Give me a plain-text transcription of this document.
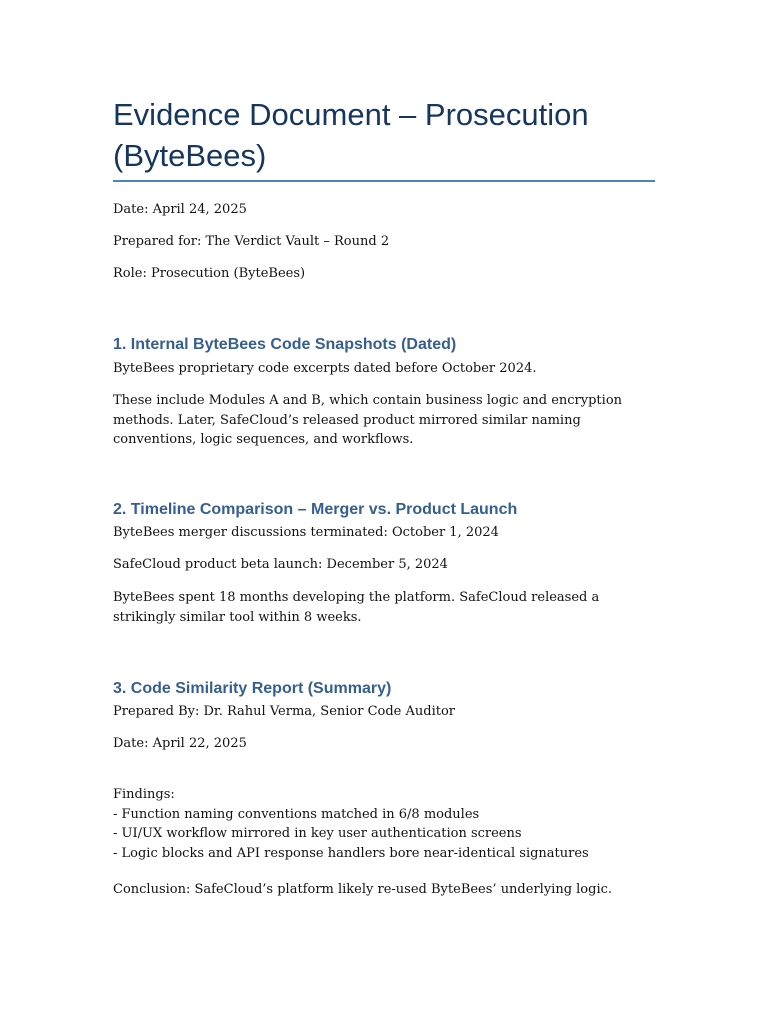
Evidence Document – Prosecution (ByteBees)

Date: April 24, 2025

Prepared for: The Verdict Vault – Round 2

Role: Prosecution (ByteBees)

1. Internal ByteBees Code Snapshots (Dated)

ByteBees proprietary code excerpts dated before October 2024.

These include Modules A and B, which contain business logic and encryption methods. Later, SafeCloud’s released product mirrored similar naming conventions, logic sequences, and workflows.

2. Timeline Comparison – Merger vs. Product Launch

ByteBees merger discussions terminated: October 1, 2024

SafeCloud product beta launch: December 5, 2024

ByteBees spent 18 months developing the platform. SafeCloud released a strikingly similar tool within 8 weeks.

3. Code Similarity Report (Summary)

Prepared By: Dr. Rahul Verma, Senior Code Auditor

Date: April 22, 2025

Findings:
- Function naming conventions matched in 6/8 modules
- UI/UX workflow mirrored in key user authentication screens
- Logic blocks and API response handlers bore near-identical signatures

Conclusion: SafeCloud’s platform likely re-used ByteBees’ underlying logic.
